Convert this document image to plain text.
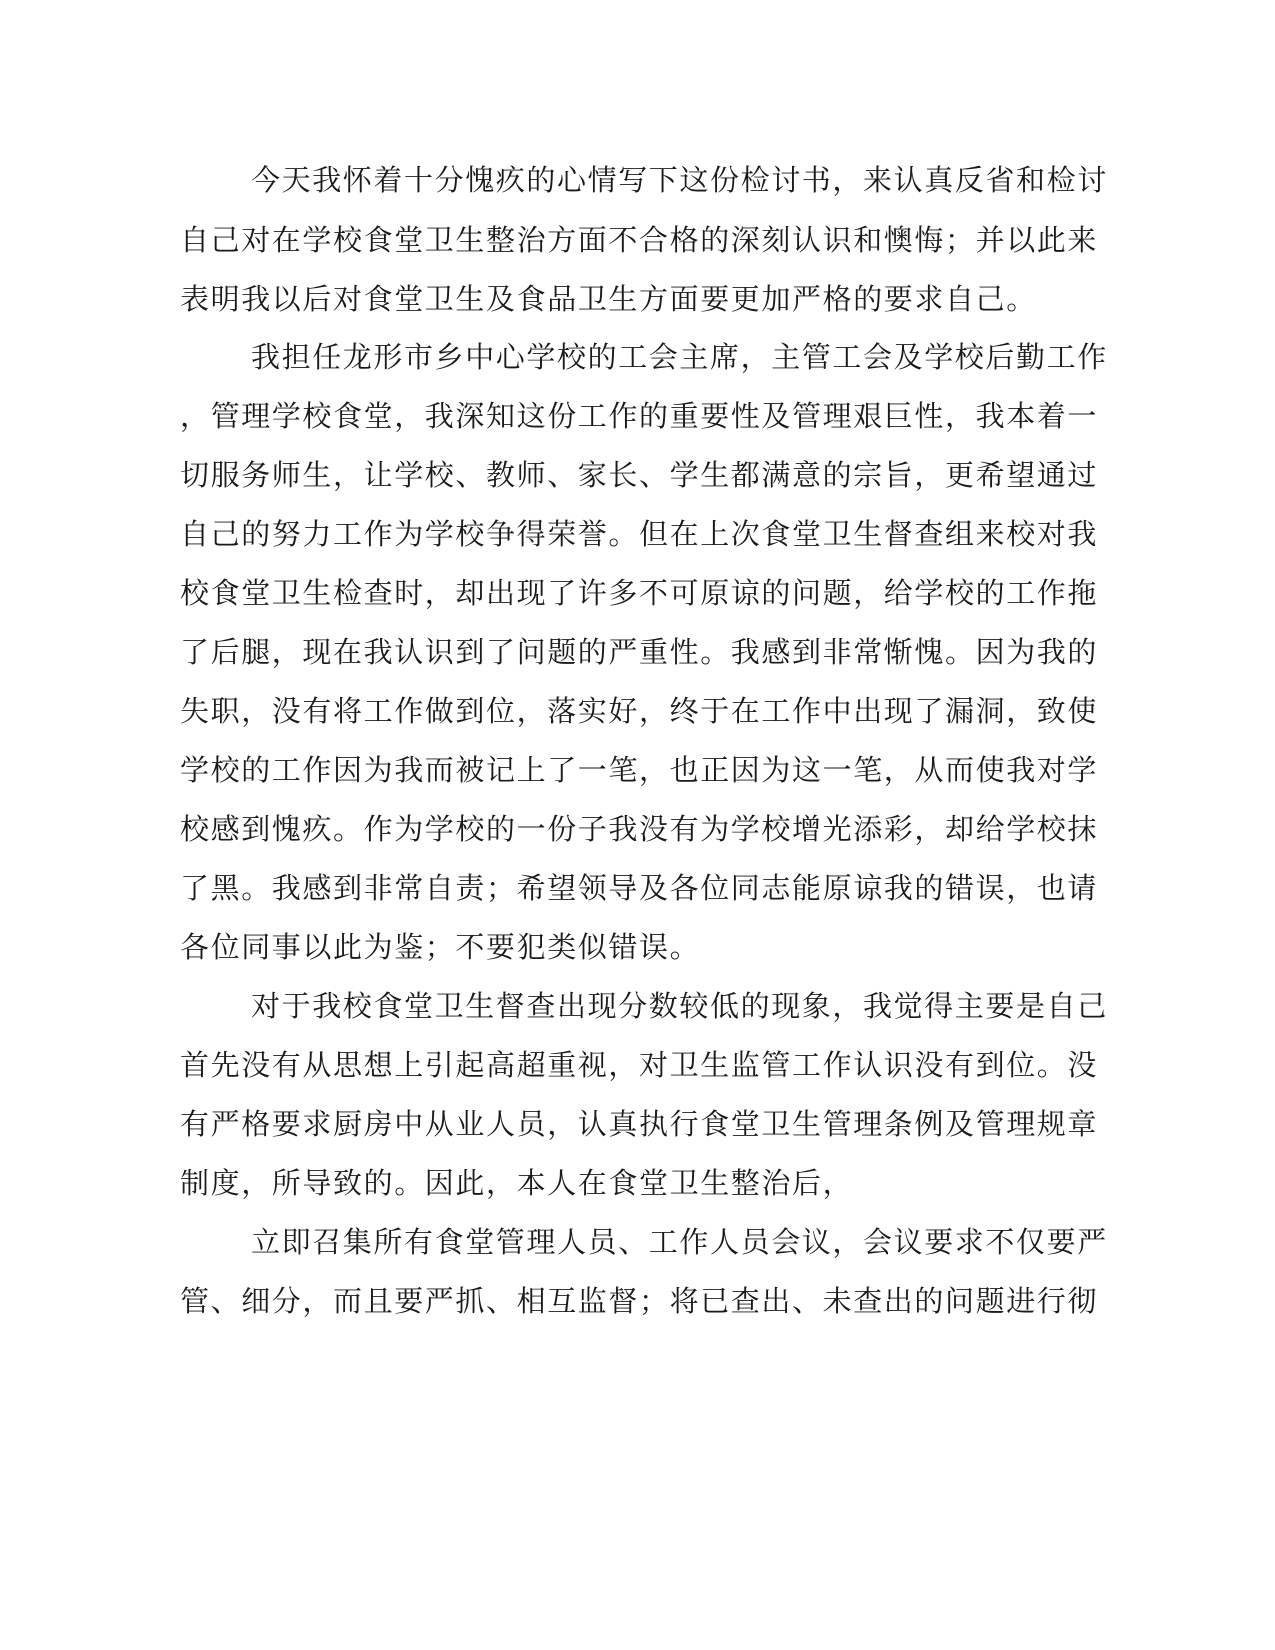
今天我怀着十分愧疚的心情写下这份检讨书，来认真反省和检讨
自己对在学校食堂卫生整治方面不合格的深刻认识和懊悔；并以此来
表明我以后对食堂卫生及食品卫生方面要更加严格的要求自己。
我担任龙形市乡中心学校的工会主席，主管工会及学校后勤工作
，管理学校食堂，我深知这份工作的重要性及管理艰巨性，我本着一
切服务师生，让学校、教师、家长、学生都满意的宗旨，更希望通过
自己的努力工作为学校争得荣誉。但在上次食堂卫生督查组来校对我
校食堂卫生检查时，却出现了许多不可原谅的问题，给学校的工作拖
了后腿，现在我认识到了问题的严重性。我感到非常惭愧。因为我的
失职，没有将工作做到位，落实好，终于在工作中出现了漏洞，致使
学校的工作因为我而被记上了一笔，也正因为这一笔，从而使我对学
校感到愧疚。作为学校的一份子我没有为学校增光添彩，却给学校抹
了黑。我感到非常自责；希望领导及各位同志能原谅我的错误，也请
各位同事以此为鉴；不要犯类似错误。
对于我校食堂卫生督查出现分数较低的现象，我觉得主要是自己
首先没有从思想上引起高超重视，对卫生监管工作认识没有到位。没
有严格要求厨房中从业人员，认真执行食堂卫生管理条例及管理规章
制度，所导致的。因此，本人在食堂卫生整治后，
立即召集所有食堂管理人员、工作人员会议，会议要求不仅要严
管、细分，而且要严抓、相互监督；将已查出、未查出的问题进行彻
